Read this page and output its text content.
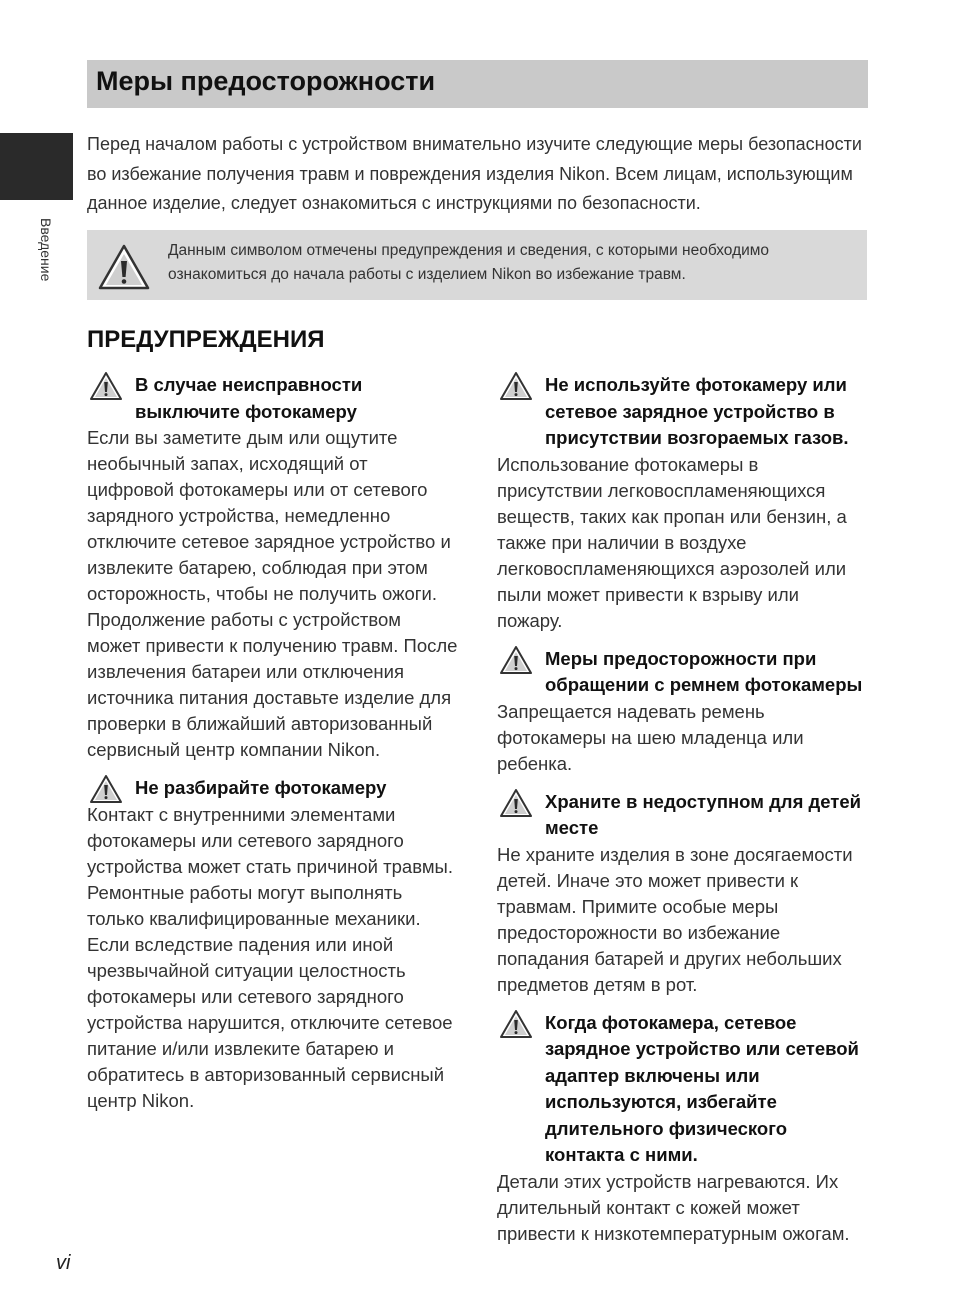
Введение
Меры предосторожности

Перед началом работы с устройством внимательно изучите следующие меры безопасности во избежание получения травм и повреждения изделия Nikon. Всем лицам, использующим данное изделие, следует ознакомиться с инструкциями по безопасности.

Данным символом отмечены предупреждения и сведения, с которыми необходимо ознакомиться до начала работы с изделием Nikon во избежание травм.

ПРЕДУПРЕЖДЕНИЯ
В случае неисправности выключите фотокамеру

Если вы заметите дым или ощутите необычный запах, исходящий от цифровой фотокамеры или от сетевого зарядного устройства, немедленно отключите сетевое зарядное устройство и извлеките батарею, соблюдая при этом осторожность, чтобы не получить ожоги. Продолжение работы с устройством может привести к получению травм. После извлечения батареи или отключения источника питания доставьте изделие для проверки в ближайший авторизованный сервисный центр компании Nikon.

Не разбирайте фотокамеру

Контакт с внутренними элементами фотокамеры или сетевого зарядного устройства может стать причиной травмы. Ремонтные работы могут выполнять только квалифицированные механики. Если вследствие падения или иной чрезвычайной ситуации целостность фотокамеры или сетевого зарядного устройства нарушится, отключите сетевое питание и/или извлеките батарею и обратитесь в авторизованный сервисный центр Nikon.

Не используйте фотокамеру или сетевое зарядное устройство в присутствии возгораемых газов.

Использование фотокамеры в присутствии легковоспламеняющихся веществ, таких как пропан или бензин, а также при наличии в воздухе легковоспламеняющихся аэрозолей или пыли может привести к взрыву или пожару.

Меры предосторожности при обращении с ремнем фотокамеры

Запрещается надевать ремень фотокамеры на шею младенца или ребенка.

Храните в недоступном для детей месте

Не храните изделия в зоне досягаемости детей. Иначе это может привести к травмам. Примите особые меры предосторожности во избежание попадания батарей и других небольших предметов детям в рот.

Когда фотокамера, сетевое зарядное устройство или сетевой адаптер включены или используются, избегайте длительного физического контакта с ними.

Детали этих устройств нагреваются. Их длительный контакт с кожей может привести к низкотемпературным ожогам.

vi
